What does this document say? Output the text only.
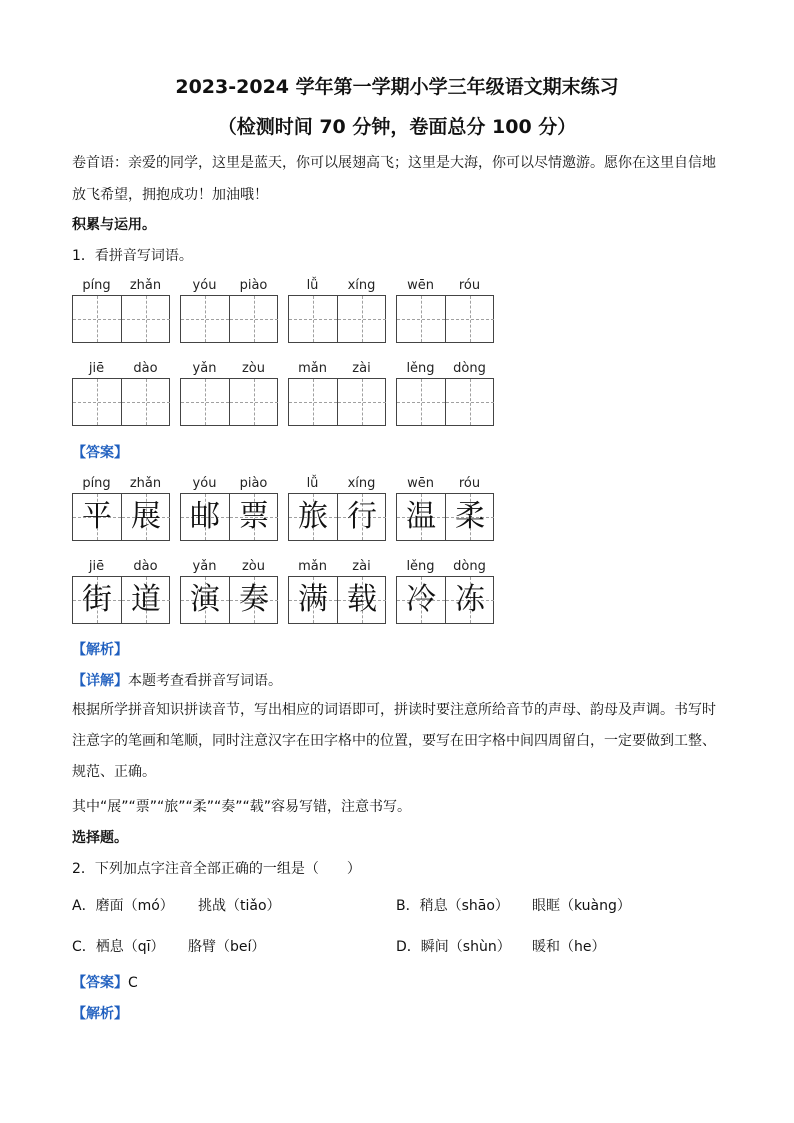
2023-2024 学年第一学期小学三年级语文期末练习
（检测时间 70 分钟，卷面总分 100 分）
卷首语：亲爱的同学，这里是蓝天，你可以展翅高飞；这里是大海，你可以尽情邀游。愿你在这里自信地
放飞希望，拥抱成功！加油哦！
积累与运用。
1．看拼音写词语。
píng	zhǎn	yóu	piào	lǚ	xíng	wēn	róu
jiē	dào	yǎn	zòu	mǎn	zài	lěng	dòng
【答案】
píng	zhǎn
平 展
yóu	piào
邮 票
lǚ	xíng
旅 行
wēn	róu
温 柔
jiē	dào
街 道
yǎn	zòu
演 奏
mǎn	zài
满 载
lěng	dòng
冷 冻
【解析】
【详解】本题考查看拼音写词语。
根据所学拼音知识拼读音节，写出相应的词语即可，拼读时要注意所给音节的声母、韵母及声调。书写时注意字的笔画和笔顺，同时注意汉字在田字格中的位置，要写在田字格中间四周留白，一定要做到工整、规范、正确。
其中“展”“票”“旅”“柔”“奏”“载”容易写错，注意书写。
选择题。
2．下列加点字注音全部正确的一组是（　　）
A．磨面（mó） 挑战（tiǎo）	B．稍息（shāo） 眼眶（kuàng）
C．栖息（qī） 胳臂（beí）	D．瞬间（shùn） 暖和（he）
【答案】C
【解析】
